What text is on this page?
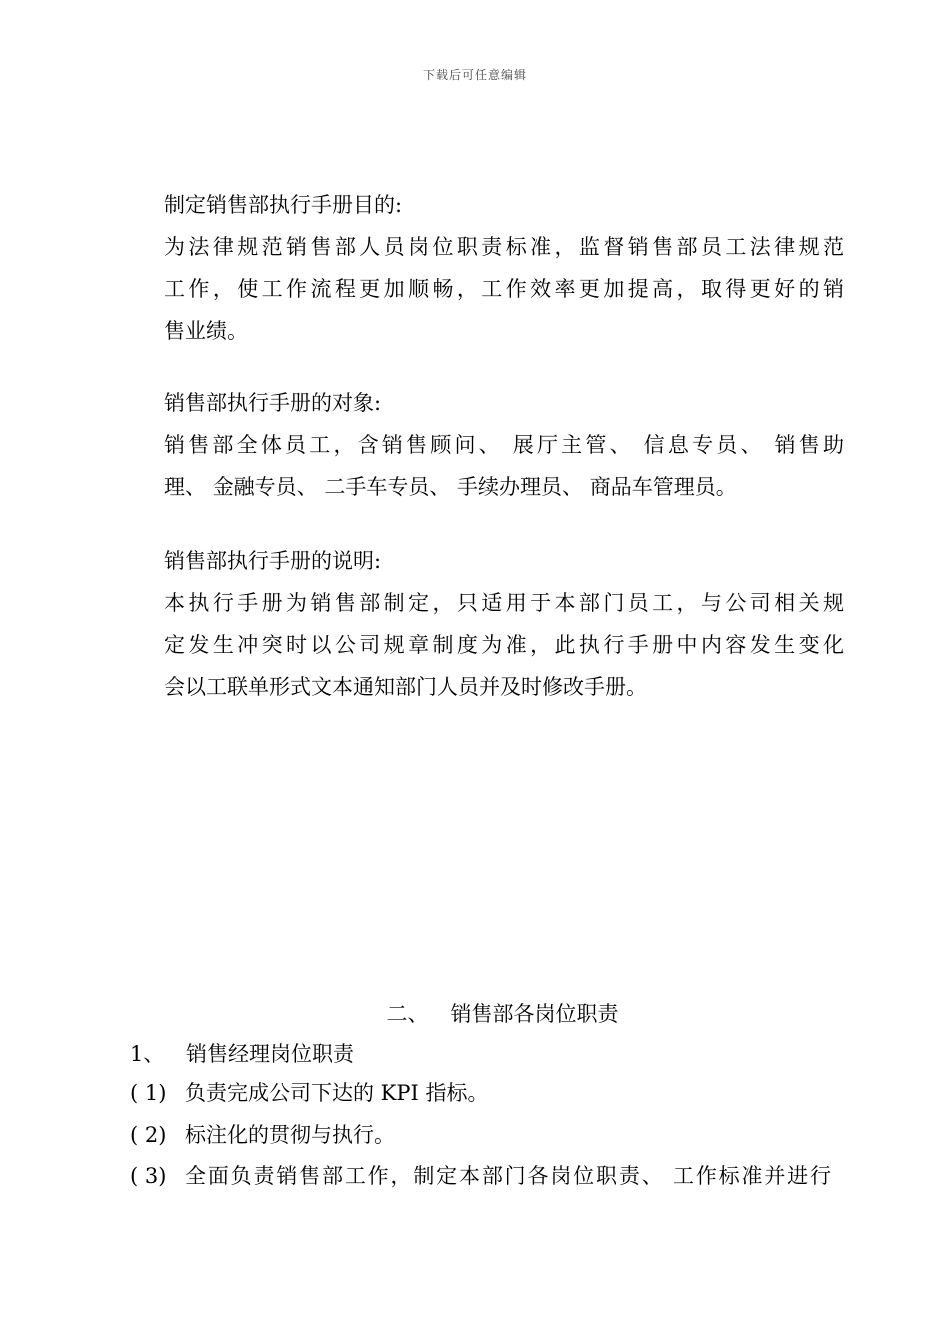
下载后可任意编辑
制定销售部执行手册目的:
为法律规范销售部人员岗位职责标准，监督销售部员工法律规范
工作，使工作流程更加顺畅，工作效率更加提高，取得更好的销
售业绩。
销售部执行手册的对象:
销售部全体员工，含销售顾问、 展厅主管、 信息专员、 销售助
理、 金融专员、 二手车专员、 手续办理员、 商品车管理员。
销售部执行手册的说明:
本执行手册为销售部制定，只适用于本部门员工，与公司相关规
定发生冲突时以公司规章制度为准，此执行手册中内容发生变化
会以工联单形式文本通知部门人员并及时修改手册。
二、 销售部各岗位职责
1、 销售经理岗位职责
( 1) 负责完成公司下达的 KPI 指标。
( 2) 标注化的贯彻与执行。
( 3) 全面负责销售部工作，制定本部门各岗位职责、 工作标准并进行
